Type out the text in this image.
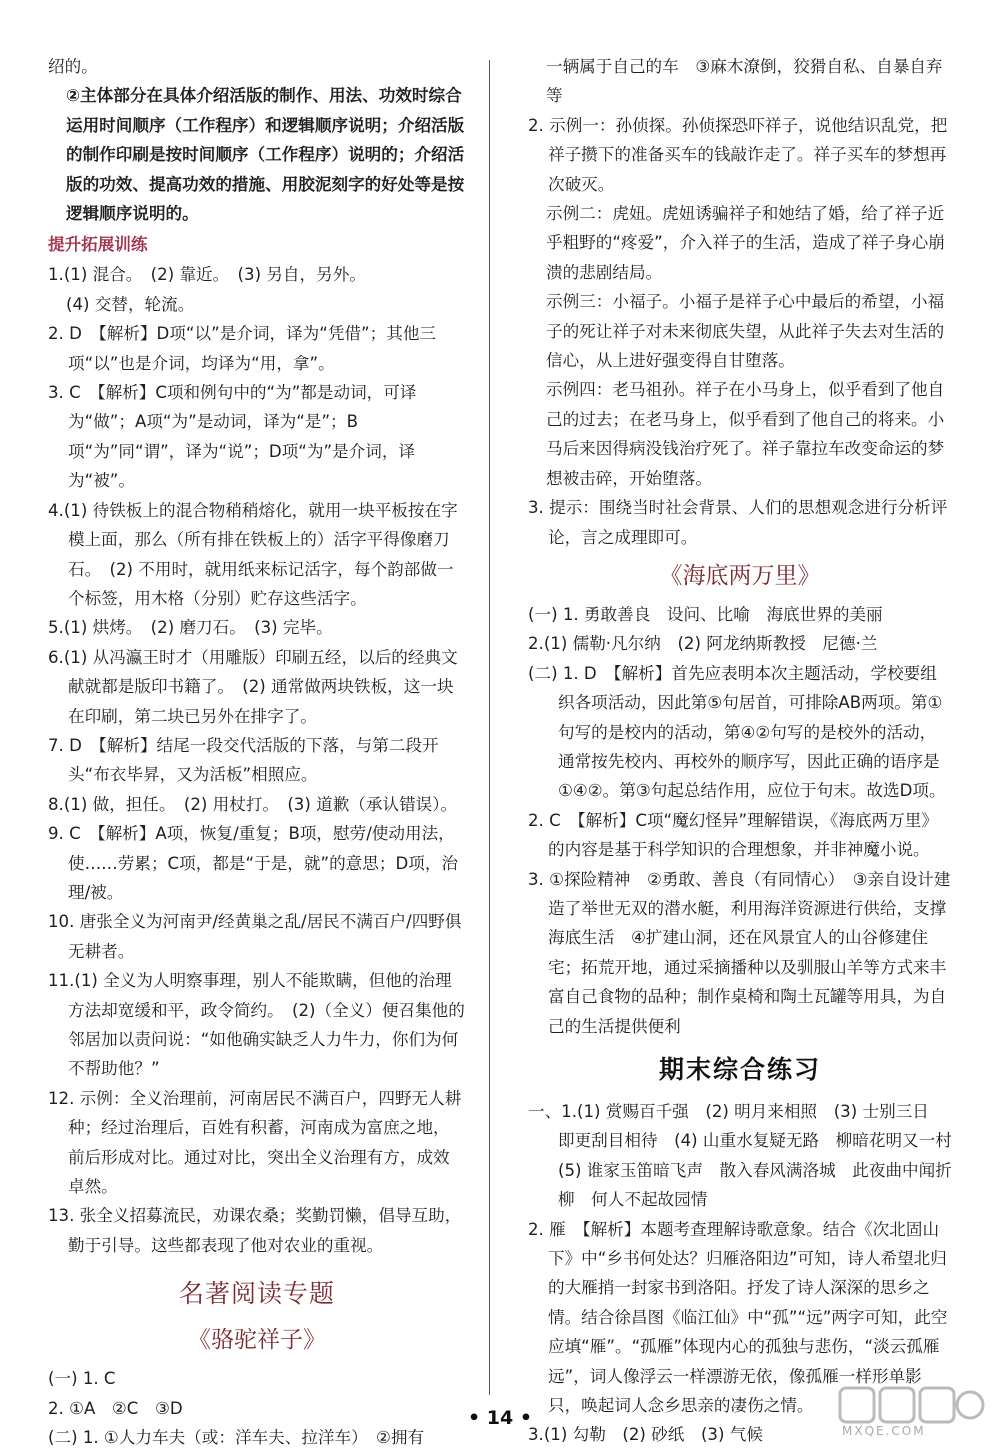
绍的。

②主体部分在具体介绍活版的制作、用法、功效时综合运用时间顺序（工作程序）和逻辑顺序说明；介绍活版的制作印刷是按时间顺序（工作程序）说明的；介绍活版的功效、提高功效的措施、用胶泥刻字的好处等是按逻辑顺序说明的。

提升拓展训练

1.(1) 混合。　(2) 靠近。　(3) 另自，另外。

(4) 交替，轮流。

2. D　【解析】D项“以”是介词，译为“凭借”；其他三项“以”也是介词，均译为“用，拿”。

3. C　【解析】C项和例句中的“为”都是动词，可译为“做”；A项“为”是动词，译为“是”；B项“为”同“谓”，译为“说”；D项“为”是介词，译为“被”。

4.(1) 待铁板上的混合物稍稍熔化，就用一块平板按在字模上面，那么（所有排在铁板上的）活字平得像磨刀石。　(2) 不用时，就用纸来标记活字，每个韵部做一个标签，用木格（分别）贮存这些活字。

5.(1) 烘烤。　(2) 磨刀石。　(3) 完毕。

6.(1) 从冯瀛王时才（用雕版）印刷五经，以后的经典文献就都是版印书籍了。　(2) 通常做两块铁板，这一块在印刷，第二块已另外在排字了。

7. D　【解析】结尾一段交代活版的下落，与第二段开头“布衣毕昇，又为活板”相照应。

8.(1) 做，担任。　(2) 用杖打。　(3) 道歉（承认错误）。

9. C　【解析】A项，恢复/重复；B项，慰劳/使动用法，使……劳累；C项，都是“于是，就”的意思；D项，治理/被。

10. 唐张全义为河南尹/经黄巢之乱/居民不满百户/四野俱无耕者。

11.(1) 全义为人明察事理，别人不能欺瞒，但他的治理方法却宽缓和平，政令简约。　(2)（全义）便召集他的邻居加以责问说：“如他确实缺乏人力牛力，你们为何不帮助他？”

12. 示例：全义治理前，河南居民不满百户，四野无人耕种；经过治理后，百姓有积蓄，河南成为富庶之地，前后形成对比。通过对比，突出全义治理有方，成效卓然。

13. 张全义招募流民，劝课农桑；奖勤罚懒，倡导互助，勤于引导。这些都表现了他对农业的重视。

名著阅读专题
《骆驼祥子》

(一) 1. C

2. ①A　②C　③D

(二) 1. ①人力车夫（或：洋车夫、拉洋车）　②拥有

一辆属于自己的车　③麻木潦倒，狡猾自私、自暴自弃等

2. 示例一：孙侦探。孙侦探恐吓祥子，说他结识乱党，把祥子攒下的准备买车的钱敲诈走了。祥子买车的梦想再次破灭。

示例二：虎妞。虎妞诱骗祥子和她结了婚，给了祥子近乎粗野的“疼爱”，介入祥子的生活，造成了祥子身心崩溃的悲剧结局。

示例三：小福子。小福子是祥子心中最后的希望，小福子的死让祥子对未来彻底失望，从此祥子失去对生活的信心，从上进好强变得自甘堕落。

示例四：老马祖孙。祥子在小马身上，似乎看到了他自己的过去；在老马身上，似乎看到了他自己的将来。小马后来因得病没钱治疗死了。祥子靠拉车改变命运的梦想被击碎，开始堕落。

3. 提示：围绕当时社会背景、人们的思想观念进行分析评论，言之成理即可。

《海底两万里》

(一) 1. 勇敢善良　设问、比喻　海底世界的美丽

2.(1) 儒勒·凡尔纳　(2) 阿龙纳斯教授　尼德·兰

(二) 1. D　【解析】首先应表明本次主题活动，学校要组织各项活动，因此第⑤句居首，可排除AB两项。第①句写的是校内的活动，第④②句写的是校外的活动，通常按先校内、再校外的顺序写，因此正确的语序是①④②。第③句起总结作用，应位于句末。故选D项。

2. C　【解析】C项“魔幻怪异”理解错误，《海底两万里》的内容是基于科学知识的合理想象，并非神魔小说。

3. ①探险精神　②勇敢、善良（有同情心）　③亲自设计建造了举世无双的潜水艇，利用海洋资源进行供给，支撑海底生活　④扩建山洞，还在风景宜人的山谷修建住宅；拓荒开地，通过采摘播种以及驯服山羊等方式来丰富自己食物的品种；制作桌椅和陶土瓦罐等用具，为自己的生活提供便利

期末综合练习

一、1.(1) 赏赐百千强　(2) 明月来相照　(3) 士别三日　即更刮目相待　(4) 山重水复疑无路　柳暗花明又一村　(5) 谁家玉笛暗飞声　散入春风满洛城　此夜曲中闻折柳　何人不起故园情

2. 雁　【解析】本题考查理解诗歌意象。结合《次北固山下》中“乡书何处达？归雁洛阳边”可知，诗人希望北归的大雁捎一封家书到洛阳。抒发了诗人深深的思乡之情。结合徐昌图《临江仙》中“孤”“远”两字可知，此空应填“雁”。“孤雁”体现内心的孤独与悲伤，“淡云孤雁远”，词人像浮云一样漂游无依，像孤雁一样形单影只，唤起词人念乡思亲的凄伤之情。

3.(1) 勾勒　(2) 砂纸　(3) 气候

• 14 •
MXQE.COM
